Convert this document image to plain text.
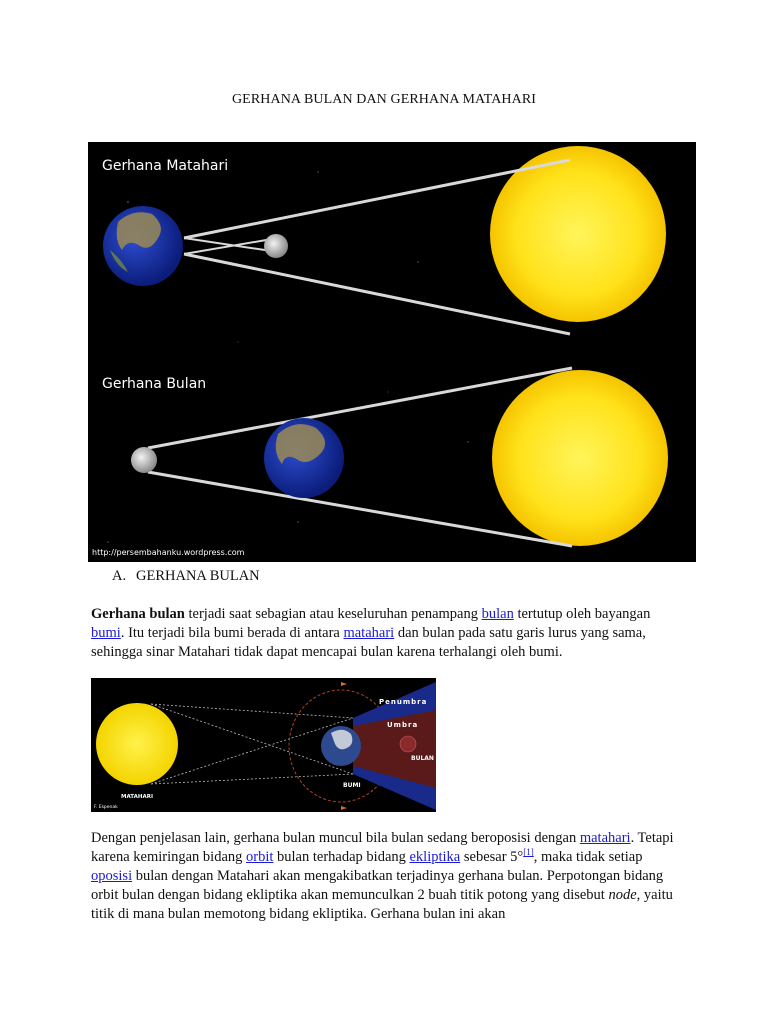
GERHANA BULAN DAN GERHANA MATAHARI
Gerhana Matahari
Gerhana Bulan
http://persembahanku.wordpress.com
A. GERHANA BULAN

Gerhana bulan terjadi saat sebagian atau keseluruhan penampang bulan tertutup oleh bayangan bumi. Itu terjadi bila bumi berada di antara matahari dan bulan pada satu garis lurus yang sama, sehingga sinar Matahari tidak dapat mencapai bulan karena terhalangi oleh bumi.

Penumbra
Umbra
BULAN
MATAHARI
BUMI
F. Espenak

Dengan penjelasan lain, gerhana bulan muncul bila bulan sedang beroposisi dengan matahari. Tetapi karena kemiringan bidang orbit bulan terhadap bidang ekliptika sebesar 5°[1], maka tidak setiap oposisi bulan dengan Matahari akan mengakibatkan terjadinya gerhana bulan. Perpotongan bidang orbit bulan dengan bidang ekliptika akan memunculkan 2 buah titik potong yang disebut node, yaitu titik di mana bulan memotong bidang ekliptika. Gerhana bulan ini akan
